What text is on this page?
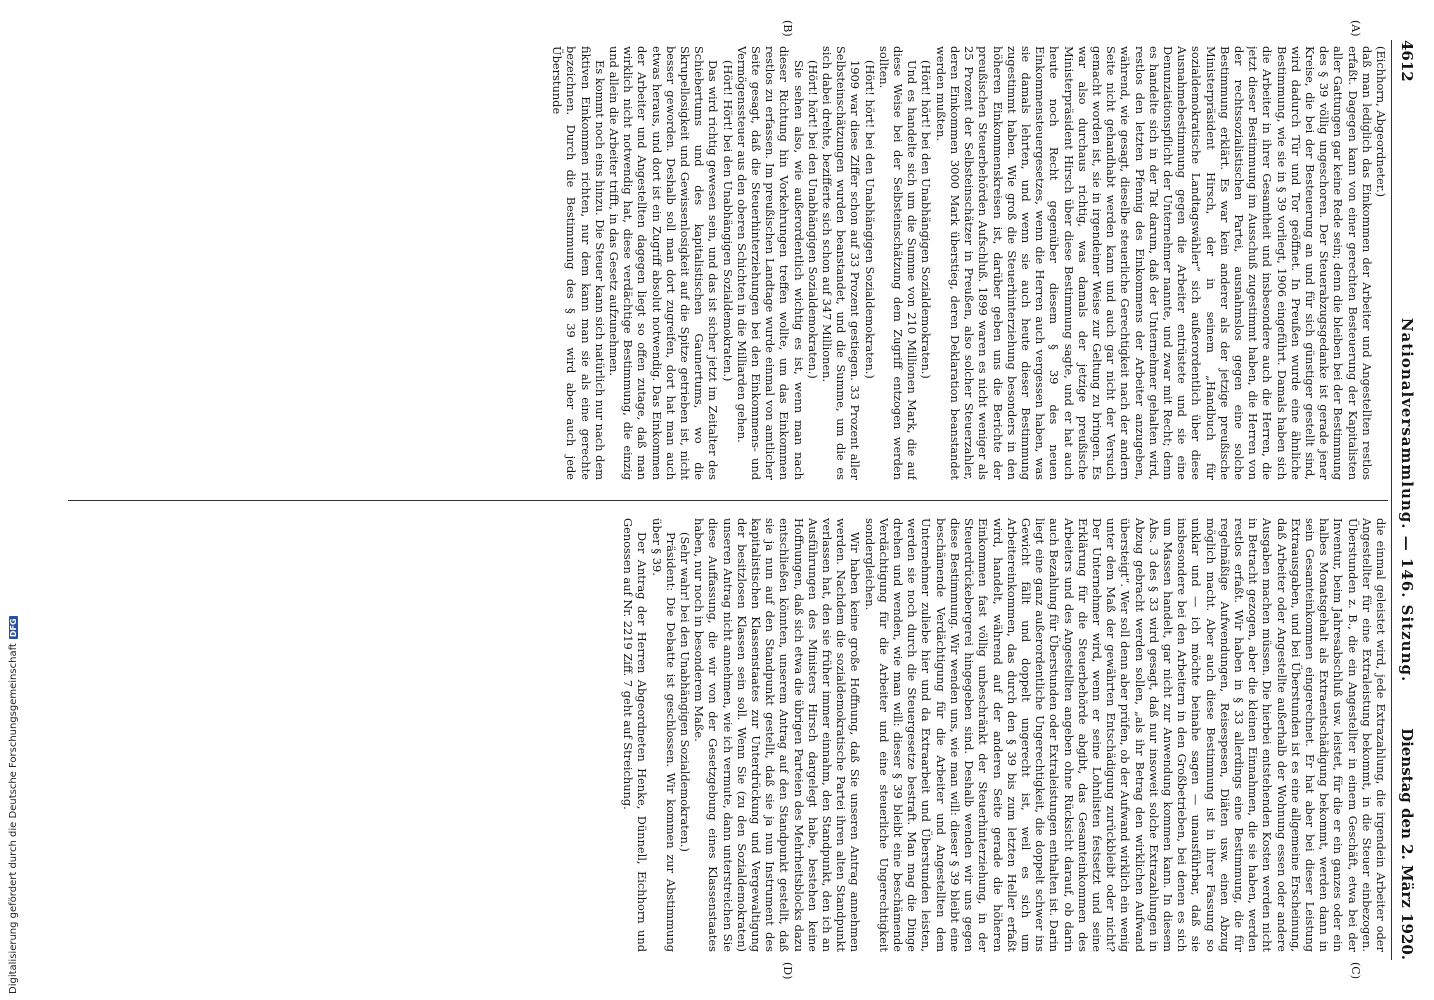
Digitalisierung gefördert durch die Deutsche Forschungsgemeinschaft
DFG
4612
Nationalversammlung. — 146. Sitzung.
Dienstag den 2. März 1920.
(A)
(B)
(C)
(D)

(Eichhorn, Abgeordneter.)

daß man lediglich das Einkommen der Arbeiter und Angestellten restlos erfaßt. Dagegen kann von einer gerechten Besteuerung der Kapitalisten aller Gattungen gar keine Rede sein; denn die bleiben bei der Bestimmung des § 39 völlig ungeschoren. Der Steuerabzugsgedanke ist gerade jener Kreise, die bei der Besteuerung an und für sich günstiger gestellt sind, wird dadurch Tür und Tor geöffnet. In Preußen wurde eine ähnliche Bestimmung, wie sie in § 39 vorliegt, 1906 eingeführt. Damals haben sich die Arbeiter in ihrer Gesamtheit und insbesondere auch die Herren, die jetzt dieser Bestimmung im Ausschuß zugestimmt haben, die Herren von der rechtssozialistischen Partei, ausnahmslos gegen eine solche Bestimmung erklärt. Es war kein anderer als der jetzige preußische Ministerpräsident Hirsch, der in seinem „Handbuch für sozialdemokratische Landtagswähler“ sich außerordentlich über diese Ausnahmebestimmung gegen die Arbeiter entrüstete und sie eine Denunziationspflicht der Unternehmer nannte, und zwar mit Recht; denn es handelte sich in der Tat darum, daß der Unternehmer gehalten wird, restlos den letzten Pfennig des Einkommens der Arbeiter anzugeben, während, wie gesagt, dieselbe steuerliche Gerechtigkeit nach der andern Seite nicht gehandhabt werden kann und auch gar nicht der Versuch gemacht worden ist, sie in irgendeiner Weise zur Geltung zu bringen. Es war also durchaus richtig, was damals der jetzige preußische Ministerpräsident Hirsch über diese Bestimmung sagte, und er hat auch heute noch Recht gegenüber diesem § 39 des neuen Einkommensteuergesetzes, wenn die Herren auch vergessen haben, was sie damals lehrten, und wenn sie auch heute dieser Bestimmung zugestimmt haben. Wie groß die Steuerhinterziehung besonders in den höheren Einkommenskreisen ist, darüber geben uns die Berichte der preußischen Steuerbehörden Aufschluß. 1899 waren es nicht weniger als 25 Prozent der Selbsteinschätzer in Preußen, also solcher Steuerzahler, deren Einkommen 3000 Mark überstieg, deren Deklaration beanstandet werden mußten.

(Hört! hört! bei den Unabhängigen Sozialdemokraten.)

Und es handelte sich um die Summe von 210 Millionen Mark, die auf diese Weise bei der Selbsteinschätzung dem Zugriff entzogen werden sollten.

(Hört! hört! bei den Unabhängigen Sozialdemokraten.)

1909 war diese Ziffer schon auf 33 Prozent gestiegen. 33 Prozent aller Selbsteinschätzungen wurden beanstandet, und die Summe, um die es sich dabei drehte, bezifferte sich schon auf 347 Millionen.

(Hört! hört! bei den Unabhängigen Sozialdemokraten.)

Sie sehen also, wie außerordentlich wichtig es ist, wenn man nach dieser Richtung hin Vorkehrungen treffen wollte, um das Einkommen restlos zu erfassen. Im preußischen Landtage wurde einmal von amtlicher Seite gesagt, daß die Steuerhinterziehungen bei den Einkommens- und Vermögenssteuer aus den oberen Schichten in die Milliarden gehen.

(Hört! Hört! bei den Unabhängigen Sozialdemokraten.)

Das wird richtig gewesen sein, und das ist sicher jetzt im Zeitalter des Schiebertums und des kapitalistischen Gaunertums, wo die Skrupellosigkeit und Gewissenlosigkeit auf die Spitze getrieben ist, nicht besser geworden. Deshalb soll man dort zugreifen, dort hat man auch etwas heraus, und dort ist ein Zugriff absolut notwendig. Das Einkommen der Arbeiter und Angestellten dagegen liegt so offen zutage, daß man wirklich nicht notwendig hat, diese verdächtige Bestimmung, die einzig und allein die Arbeiter trifft, in das Gesetz aufzunehmen.

Es kommt noch eins hinzu. Die Steuer kann sich natürlich nur nach dem fiktiven Einkommen richten, nur dem kann man sie als eine gerechte bezeichnen. Durch die Bestimmung des § 39 wird aber auch jede Überstunde

die einmal geleistet wird, jede Extrazahlung, die irgendein Arbeiter oder Angestellter für eine Extraleistung bekommt, in die Steuer einbezogen. Überstunden z. B., die ein Angestellter in einem Geschäft, etwa bei der Inventur, beim Jahresabschluß usw. leistet, für die er ein ganzes oder ein halbes Monatsgehalt als Extraentschädigung bekommt, werden dann in sein Gesamteinkommen eingerechnet. Er hat aber bei dieser Leistung Extraausgaben, und bei Überstunden ist es eine allgemeine Erscheinung, daß Arbeiter oder Angestellte außerhalb der Wohnung essen oder andere Ausgaben machen müssen. Die hierbei entstehenden Kosten werden nicht in Betracht gezogen, aber die kleinen Einnahmen, die sie haben, werden restlos erfaßt. Wir haben in § 33 allerdings eine Bestimmung, die für regelmäßige Aufwendungen, Reisespesen, Diäten usw. einen Abzug möglich macht. Aber auch diese Bestimmung ist in ihrer Fassung so unklar und — ich möchte beinahe sagen — unausführbar, daß sie insbesondere bei den Arbeitern in den Großbetrieben, bei denen es sich um Massen handelt, gar nicht zur Anwendung kommen kann. In diesem Abs. 3 des § 33 wird gesagt, daß nur insoweit solche Extrazahlungen in Abzug gebracht werden sollen, „als ihr Betrag den wirklichen Aufwand übersteigt“. Wer soll denn aber prüfen, ob der Aufwand wirklich ein wenig unter dem Maß der gewährten Entschädigung zurückbleibt oder nicht? Der Unternehmer wird, wenn er seine Lohnlisten festsetzt und seine Erklärung für die Steuerbehörde abgibt, das Gesamteinkommen des Arbeiters und des Angestellten angeben ohne Rücksicht darauf, ob darin auch Bezahlung für Überstunden oder Extraleistungen enthalten ist. Darin liegt eine ganz außerordentliche Ungerechtigkeit, die doppelt schwer ins Gewicht fällt und doppelt ungerecht ist, weil es sich um Arbeitereinkommen, das durch den § 39 bis zum letzten Heller erfaßt wird, handelt, während auf der anderen Seite gerade die höheren Einkommen fast völlig unbeschränkt der Steuerhinterziehung, in der Steuerdrückebergerei hingegeben sind. Deshalb wenden wir uns gegen diese Bestimmung. Wir wenden uns, wie man will: dieser § 39 bleibt eine beschämende Verdächtigung für die Arbeiter und Angestellten dem Unternehmer zuliebe hier und da Extraarbeit und Überstunden leisten, werden sie noch durch die Steuergesetze bestraft. Man mag die Dinge drehen und wenden, wie man will: dieser § 39 bleibt eine beschämende Verdächtigung für die Arbeiter und eine steuerliche Ungerechtigkeit sondergleichen.

Wir haben keine große Hoffnung, daß Sie unseren Antrag annehmen werden. Nachdem die sozialdemokratische Partei ihren alten Standpunkt verlassen hat, den sie früher immer einnahm, den Standpunkt, den ich an Ausführungen des Ministers Hirsch dargelegt habe, bestehen keine Hoffnungen, daß sich etwa die übrigen Parteien des Mehrheitsblocks dazu entschließen könnten, unserem Antrag auf den Standpunkt gestellt, daß sie ja nun auf den Standpunkt gestellt, daß sie ja nun Instrument des kapitalistischen Klassenstaates zur Unterdrückung und Vergewaltigung der besitzlosen Klassen sein soll. Wenn Sie (zu den Sozialdemokraten) unseren Antrag nicht annehmen, wie ich vermute, dann unterstreichen Sie diese Auffassung, die wir von der Gesetzgebung eines Klassenstaates haben, nur noch in besonderem Maße.

(Sehr wahr! bei den Unabhängigen Sozialdemokraten.)

Präsident: Die Debatte ist geschlossen. Wir kommen zur Abstimmung über § 39.

Der Antrag der Herren Abgeordneten Henke, Dünnell, Eichhorn und Genossen auf Nr. 2219 Ziff. 7 geht auf Streichung.
